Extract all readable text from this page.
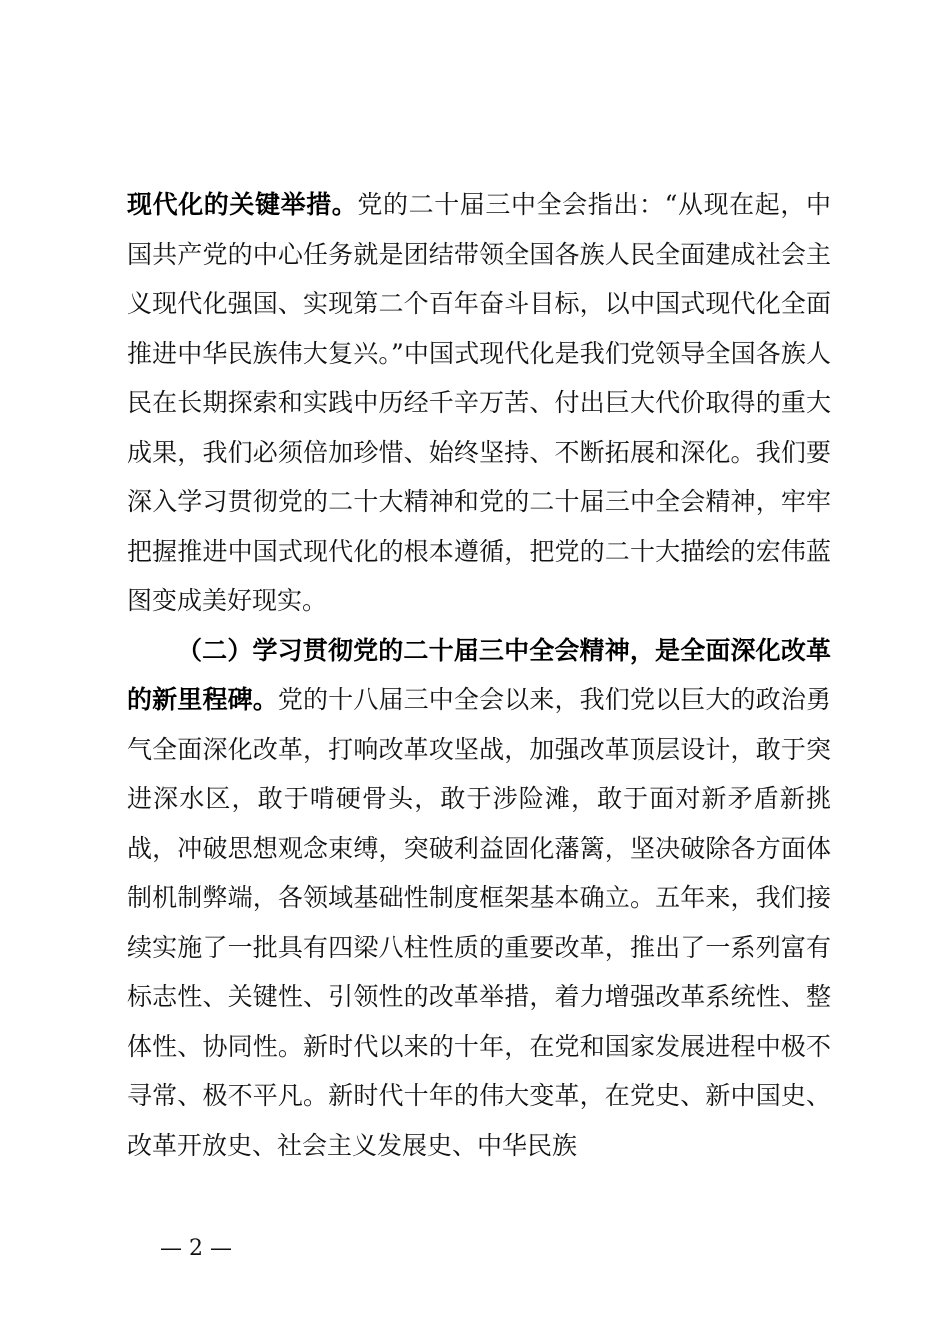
现代化的关键举措。党的二十届三中全会指出：“从现在起，中国共产党的中心任务就是团结带领全国各族人民全面建成社会主义现代化强国、实现第二个百年奋斗目标，以中国式现代化全面推进中华民族伟大复兴。”中国式现代化是我们党领导全国各族人民在长期探索和实践中历经千辛万苦、付出巨大代价取得的重大成果，我们必须倍加珍惜、始终坚持、不断拓展和深化。我们要深入学习贯彻党的二十大精神和党的二十届三中全会精神，牢牢把握推进中国式现代化的根本遵循，把党的二十大描绘的宏伟蓝图变成美好现实。

（二）学习贯彻党的二十届三中全会精神，是全面深化改革的新里程碑。党的十八届三中全会以来，我们党以巨大的政治勇气全面深化改革，打响改革攻坚战，加强改革顶层设计，敢于突进深水区，敢于啃硬骨头，敢于涉险滩，敢于面对新矛盾新挑战，冲破思想观念束缚，突破利益固化藩篱，坚决破除各方面体制机制弊端，各领域基础性制度框架基本确立。五年来，我们接续实施了一批具有四梁八柱性质的重要改革，推出了一系列富有标志性、关键性、引领性的改革举措，着力增强改革系统性、整体性、协同性。新时代以来的十年，在党和国家发展进程中极不寻常、极不平凡。新时代十年的伟大变革，在党史、新中国史、改革开放史、社会主义发展史、中华民族

— 2 —
